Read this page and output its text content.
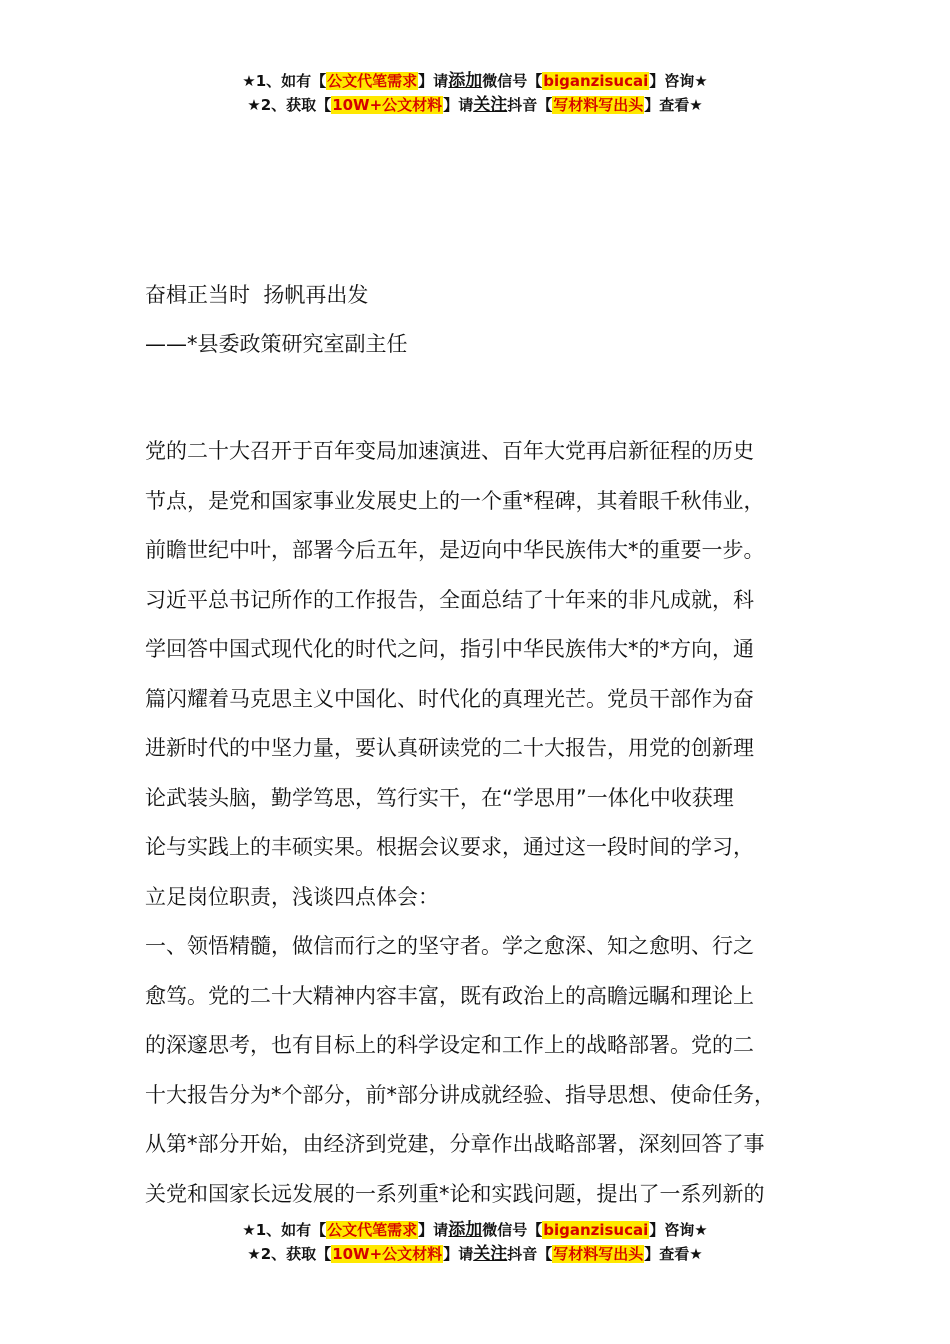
★1、如有【公文代笔需求】请添加微信号【biganzisucai】咨询★
★2、获取【10W+公文材料】请关注抖音【写材料写出头】查看★
奋楫正当时  扬帆再出发
——*县委政策研究室副主任
党的二十大召开于百年变局加速演进、百年大党再启新征程的历史
节点，是党和国家事业发展史上的一个重*程碑，其着眼千秋伟业，
前瞻世纪中叶，部署今后五年，是迈向中华民族伟大*的重要一步。
习近平总书记所作的工作报告，全面总结了十年来的非凡成就，科
学回答中国式现代化的时代之问，指引中华民族伟大*的*方向，通
篇闪耀着马克思主义中国化、时代化的真理光芒。党员干部作为奋
进新时代的中坚力量，要认真研读党的二十大报告，用党的创新理
论武装头脑，勤学笃思，笃行实干，在“学思用”一体化中收获理
论与实践上的丰硕实果。根据会议要求，通过这一段时间的学习，
立足岗位职责，浅谈四点体会：
一、领悟精髓，做信而行之的坚守者。学之愈深、知之愈明、行之
愈笃。党的二十大精神内容丰富，既有政治上的高瞻远瞩和理论上
的深邃思考，也有目标上的科学设定和工作上的战略部署。党的二
十大报告分为*个部分，前*部分讲成就经验、指导思想、使命任务，
从第*部分开始，由经济到党建，分章作出战略部署，深刻回答了事
关党和国家长远发展的一系列重*论和实践问题，提出了一系列新的
★1、如有【公文代笔需求】请添加微信号【biganzisucai】咨询★
★2、获取【10W+公文材料】请关注抖音【写材料写出头】查看★
